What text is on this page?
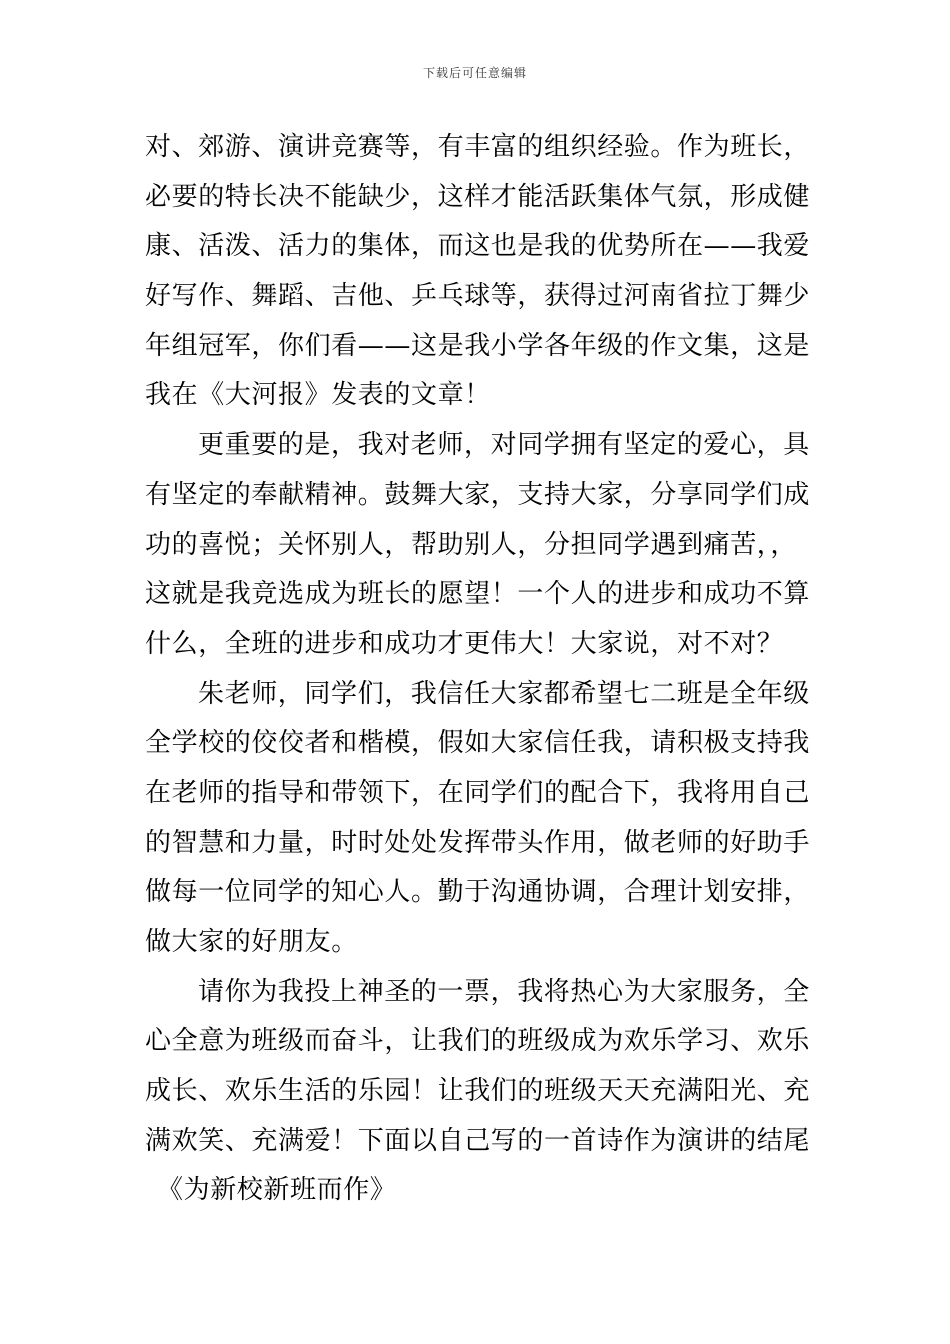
下载后可任意编辑
对、郊游、演讲竞赛等，有丰富的组织经验。作为班长，
必要的特长决不能缺少，这样才能活跃集体气氛，形成健
康、活泼、活力的集体，而这也是我的优势所在——我爱
好写作、舞蹈、吉他、乒乓球等，获得过河南省拉丁舞少
年组冠军，你们看——这是我小学各年级的作文集，这是
我在《大河报》发表的文章！
更重要的是，我对老师，对同学拥有坚定的爱心，具
有坚定的奉献精神。鼓舞大家，支持大家，分享同学们成
功的喜悦；关怀别人，帮助别人，分担同学遇到痛苦，，
这就是我竞选成为班长的愿望！一个人的进步和成功不算
什么，全班的进步和成功才更伟大！大家说，对不对？
朱老师，同学们，我信任大家都希望七二班是全年级
全学校的佼佼者和楷模，假如大家信任我，请积极支持我
在老师的指导和带领下，在同学们的配合下，我将用自己
的智慧和力量，时时处处发挥带头作用，做老师的好助手
做每一位同学的知心人。勤于沟通协调，合理计划安排，
做大家的好朋友。
请你为我投上神圣的一票，我将热心为大家服务，全
心全意为班级而奋斗，让我们的班级成为欢乐学习、欢乐
成长、欢乐生活的乐园！让我们的班级天天充满阳光、充
满欢笑、充满爱！下面以自己写的一首诗作为演讲的结尾
《为新校新班而作》
